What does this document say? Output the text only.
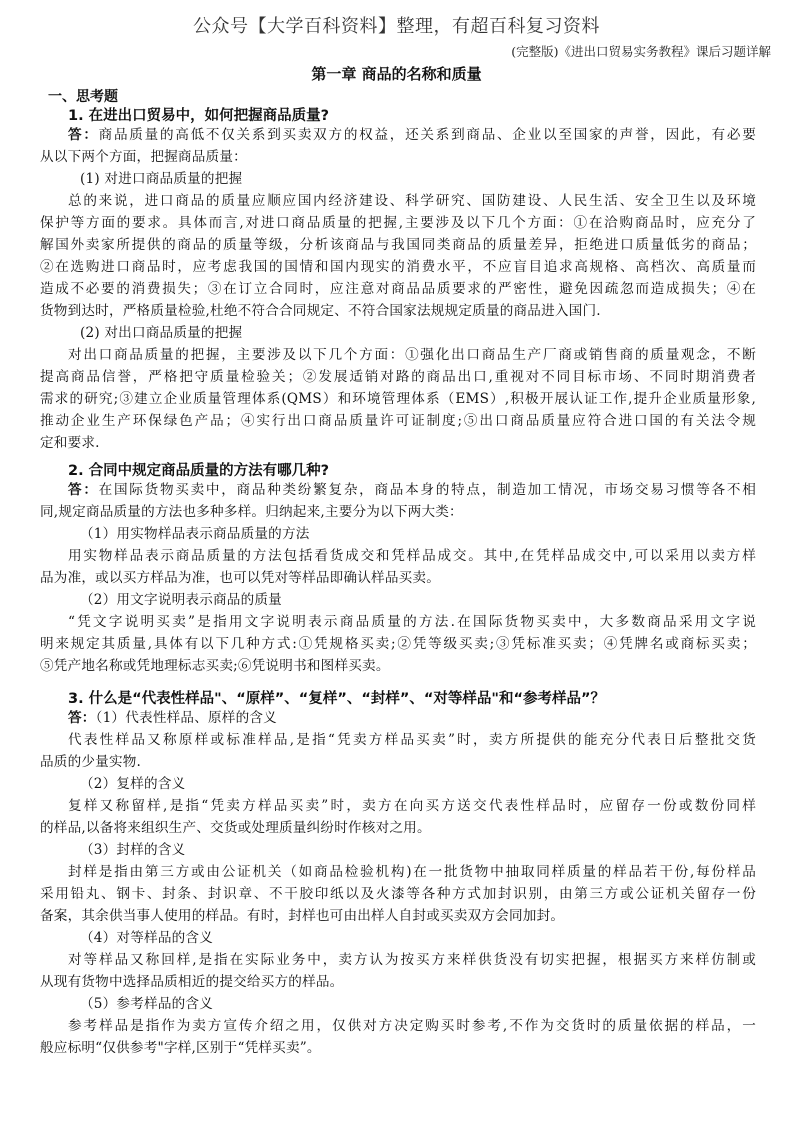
公众号【大学百科资料】整理，有超百科复习资料
(完整版)《进出口贸易实务教程》课后习题详解
第一章 商品的名称和质量
一、思考题
1. 在进出口贸易中，如何把握商品质量?
答：商品质量的高低不仅关系到买卖双方的权益，还关系到商品、企业以至国家的声誉，因此，有必要
从以下两个方面，把握商品质量：
(1) 对进口商品质量的把握
总的来说，进口商品的质量应顺应国内经济建设、科学研究、国防建设、人民生活、安全卫生以及环境
保护等方面的要求。具体而言,对进口商品质量的把握,主要涉及以下几个方面：①在洽购商品时，应充分了
解国外卖家所提供的商品的质量等级，分析该商品与我国同类商品的质量差异，拒绝进口质量低劣的商品；
②在选购进口商品时，应考虑我国的国情和国内现实的消费水平，不应盲目追求高规格、高档次、高质量而
造成不必要的消费损失；③在订立合同时，应注意对商品品质要求的严密性，避免因疏忽而造成损失；④在
货物到达时，严格质量检验,杜绝不符合合同规定、不符合国家法规规定质量的商品进入国门.
(2) 对出口商品质量的把握
对出口商品质量的把握，主要涉及以下几个方面：①强化出口商品生产厂商或销售商的质量观念，不断
提高商品信誉，严格把守质量检验关；②发展适销对路的商品出口,重视对不同目标市场、不同时期消费者
需求的研究;③建立企业质量管理体系(QMS）和环境管理体系（EMS）,积极开展认证工作,提升企业质量形象,
推动企业生产环保绿色产品；④实行出口商品质量许可证制度;⑤出口商品质量应符合进口国的有关法令规
定和要求.
2. 合同中规定商品质量的方法有哪几种?
答：在国际货物买卖中，商品种类纷繁复杂，商品本身的特点，制造加工情况，市场交易习惯等各不相
同,规定商品质量的方法也多种多样。归纳起来,主要分为以下两大类：
（1）用实物样品表示商品质量的方法
用实物样品表示商品质量的方法包括看货成交和凭样品成交。其中,在凭样品成交中,可以采用以卖方样
品为准，或以买方样品为准，也可以凭对等样品即确认样品买卖。
（2）用文字说明表示商品的质量
“凭文字说明买卖”是指用文字说明表示商品质量的方法.在国际货物买卖中，大多数商品采用文字说
明来规定其质量,具体有以下几种方式:①凭规格买卖;②凭等级买卖;③凭标准买卖；④凭牌名或商标买卖；
⑤凭产地名称或凭地理标志买卖;⑥凭说明书和图样买卖。
3. 什么是“代表性样品"、“原样”、“复样”、“封样”、“对等样品"和“参考样品”？
答：（1）代表性样品、原样的含义
代表性样品又称原样或标准样品,是指“凭卖方样品买卖”时，卖方所提供的能充分代表日后整批交货
品质的少量实物.
（2）复样的含义
复样又称留样,是指“凭卖方样品买卖”时，卖方在向买方送交代表性样品时，应留存一份或数份同样
的样品,以备将来组织生产、交货或处理质量纠纷时作核对之用。
（3）封样的含义
封样是指由第三方或由公证机关（如商品检验机构)在一批货物中抽取同样质量的样品若干份,每份样品
采用铅丸、钢卡、封条、封识章、不干胶印纸以及火漆等各种方式加封识别，由第三方或公证机关留存一份
备案，其余供当事人使用的样品。有时，封样也可由出样人自封或买卖双方会同加封。
（4）对等样品的含义
对等样品又称回样,是指在实际业务中，卖方认为按买方来样供货没有切实把握，根据买方来样仿制或
从现有货物中选择品质相近的提交给买方的样品。
（5）参考样品的含义
参考样品是指作为卖方宣传介绍之用，仅供对方决定购买时参考,不作为交货时的质量依据的样品，一
般应标明“仅供参考"字样,区别于“凭样买卖”。
